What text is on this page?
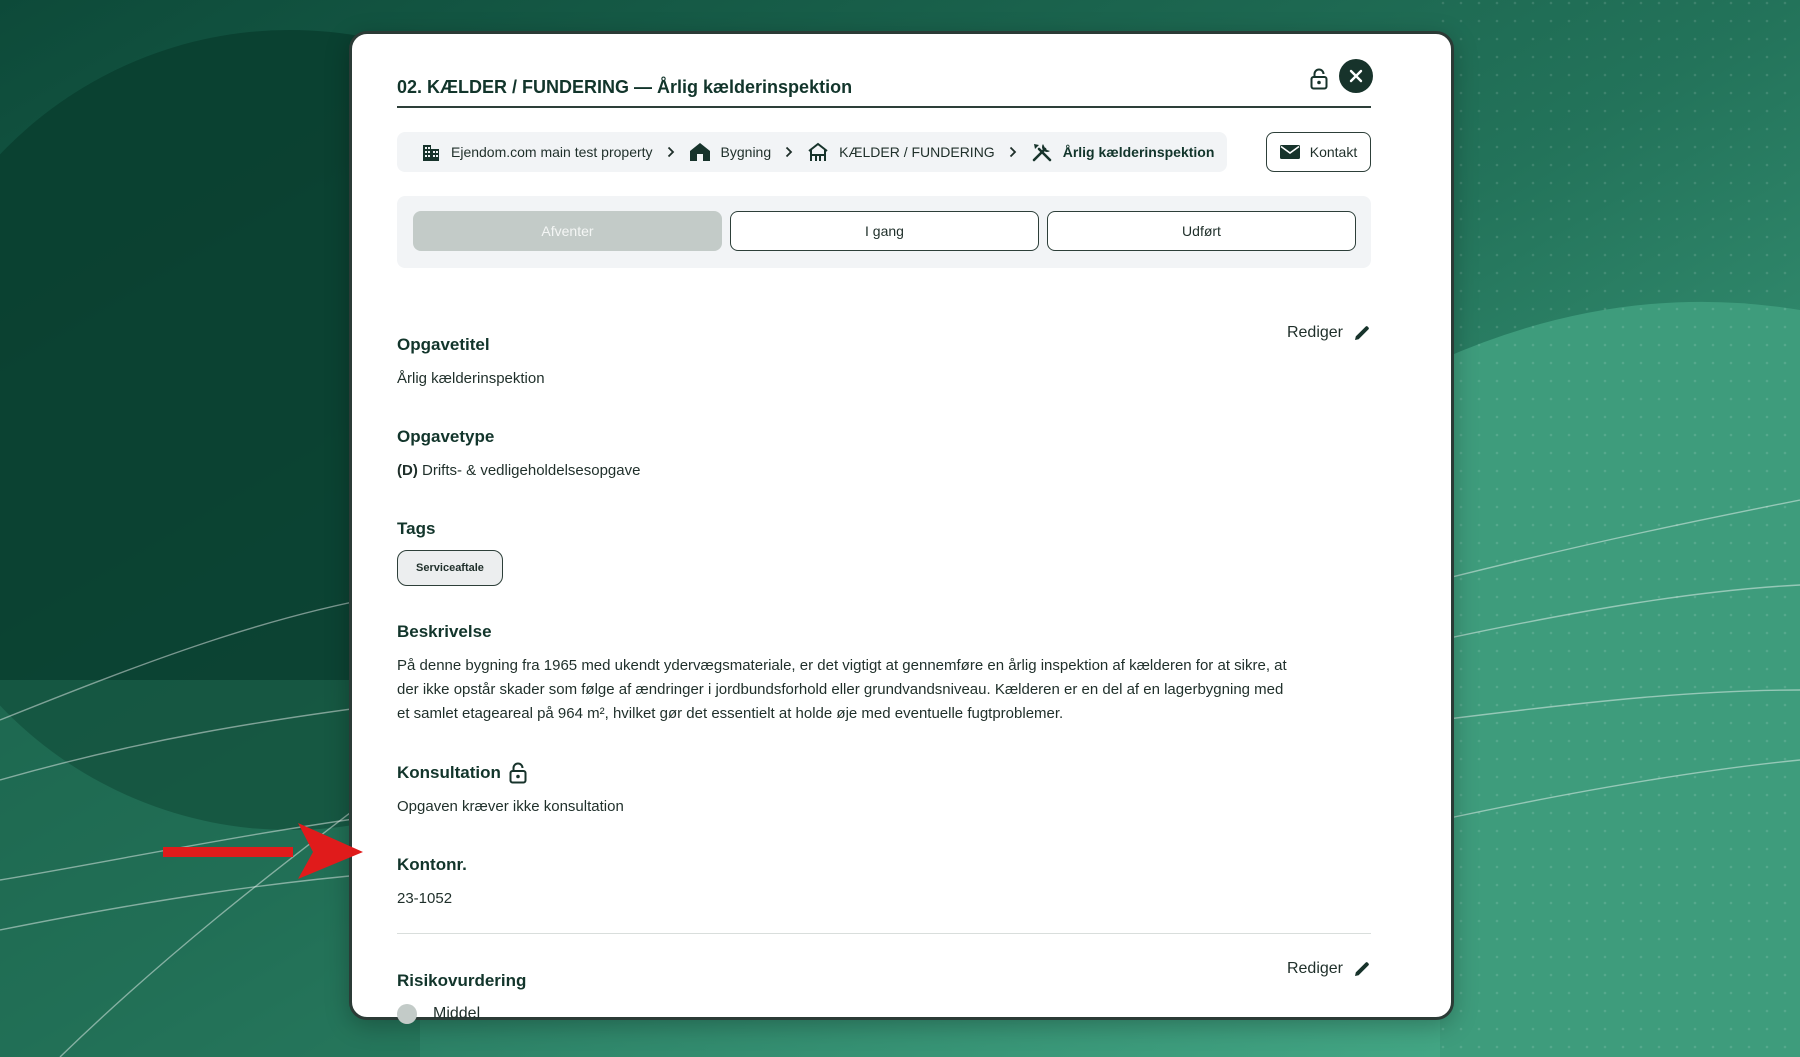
02. KÆLDER / FUNDERING — Årlig kælderinspektion
Ejendom.com main test property	Bygning	KÆLDER / FUNDERING	Årlig kælderinspektion	Kontakt
Afventer	I gang	Udført
Rediger
Opgavetitel
Årlig kælderinspektion
Opgavetype
(D) Drifts- & vedligeholdelsesopgave
Tags
Serviceaftale
Beskrivelse
På denne bygning fra 1965 med ukendt ydervægsmateriale, er det vigtigt at gennemføre en årlig inspektion af kælderen for at sikre, at der ikke opstår skader som følge af ændringer i jordbundsforhold eller grundvandsniveau. Kælderen er en del af en lagerbygning med et samlet etageareal på 964 m², hvilket gør det essentielt at holde øje med eventuelle fugtproblemer.
Konsultation
Opgaven kræver ikke konsultation
Kontonr.
23-1052
Rediger
Risikovurdering
Middel
